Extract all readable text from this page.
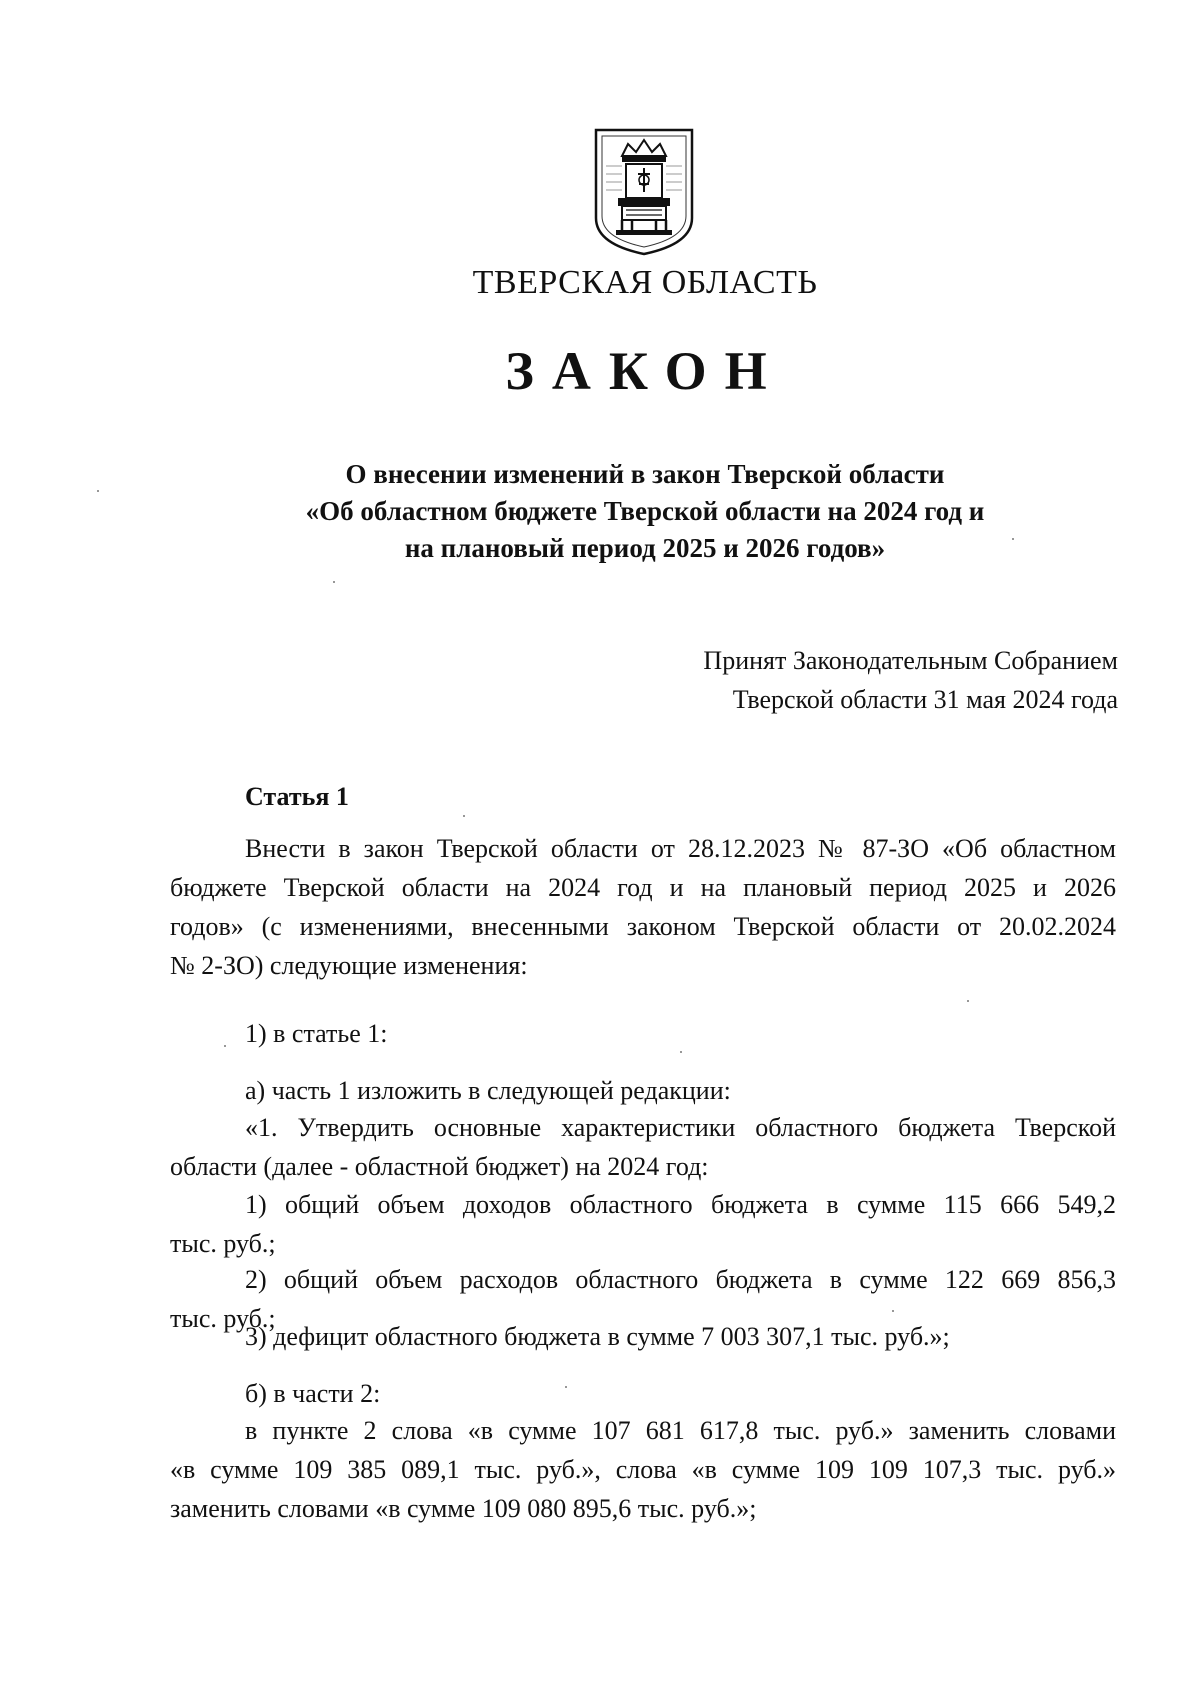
ТВЕРСКАЯ ОБЛАСТЬ
ЗАКОН
О внесении изменений в закон Тверской области
«Об областном бюджете Тверской области на 2024 год и
на плановый период 2025 и 2026 годов»
Принят Законодательным Собранием
Тверской области 31 мая 2024 года
Статья 1
Внести в закон Тверской области от 28.12.2023 № 87-ЗО «Об областном
бюджете Тверской области на 2024 год и на плановый период 2025 и 2026
годов» (с изменениями, внесенными законом Тверской области от 20.02.2024
№ 2-ЗО) следующие изменения:
1) в статье 1:
а) часть 1 изложить в следующей редакции:
«1. Утвердить основные характеристики областного бюджета Тверской
области (далее - областной бюджет) на 2024 год:
1) общий объем доходов областного бюджета в сумме 115 666 549,2
тыс. руб.;
2) общий объем расходов областного бюджета в сумме 122 669 856,3
тыс. руб.;
3) дефицит областного бюджета в сумме 7 003 307,1 тыс. руб.»;
б) в части 2:
в пункте 2 слова «в сумме 107 681 617,8 тыс. руб.» заменить словами
«в сумме 109 385 089,1 тыс. руб.», слова «в сумме 109 109 107,3 тыс. руб.»
заменить словами «в сумме 109 080 895,6 тыс. руб.»;
